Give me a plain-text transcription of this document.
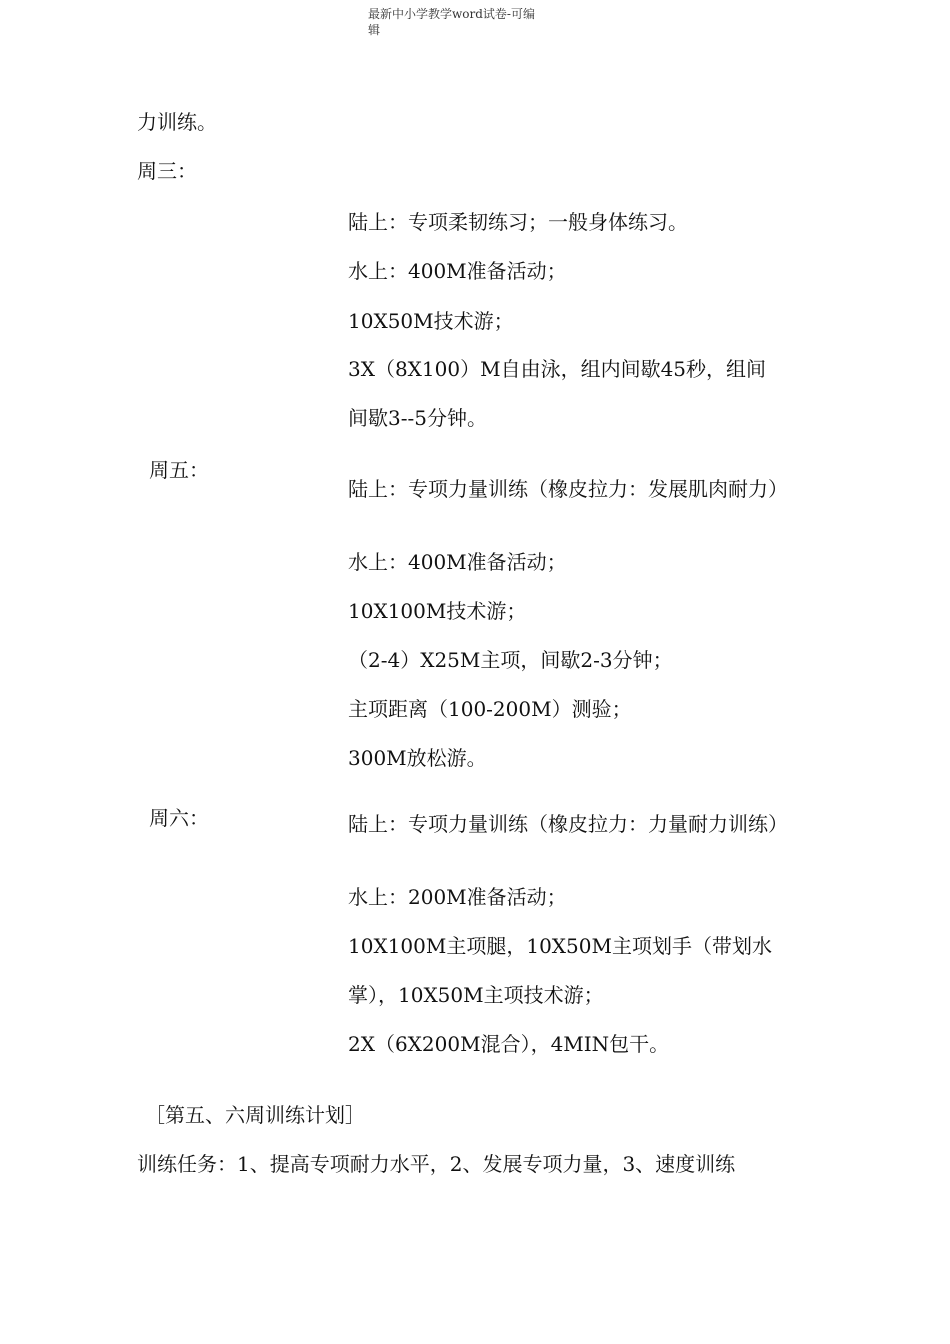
最新中小学教学word试卷-可编
辑
力训练。
周三：
陆上：专项柔韧练习；一般身体练习。
水上：400M准备活动；
10X50M技术游；
3X（8X100）M自由泳，组内间歇45秒，组间
间歇3--5分钟。
周五：
陆上：专项力量训练（橡皮拉力：发展肌肉耐力）
水上：400M准备活动；
10X100M技术游；
（2-4）X25M主项，间歇2-3分钟；
主项距离（100-200M）测验；
300M放松游。
周六：	陆上：专项力量训练（橡皮拉力：力量耐力训练）
水上：200M准备活动；
10X100M主项腿，10X50M主项划手（带划水
掌），10X50M主项技术游；
2X（6X200M混合），4MIN包干。
［第五、六周训练计划］
训练任务：1、提高专项耐力水平，2、发展专项力量，3、速度训练
